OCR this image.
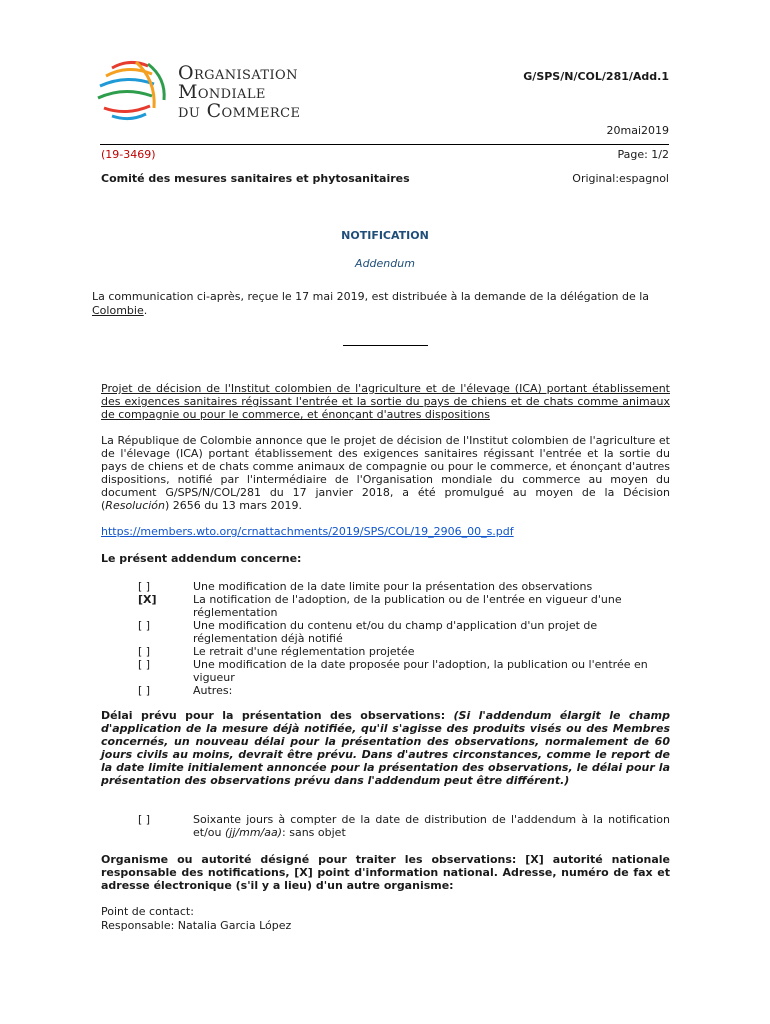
Organisation
Mondiale
du Commerce
G/SPS/N/COL/281/Add.1
20mai2019
(19-3469)	Page: 1/2
Comité des mesures sanitaires et phytosanitaires	Original:espagnol
NOTIFICATION
Addendum
La communication ci-après, reçue le 17 mai 2019, est distribuée à la demande de la délégation de la Colombie.
Projet de décision de l'Institut colombien de l'agriculture et de l'élevage (ICA) portant établissement des exigences sanitaires régissant l'entrée et la sortie du pays de chiens et de chats comme animaux de compagnie ou pour le commerce, et énonçant d'autres dispositions
La République de Colombie annonce que le projet de décision de l'Institut colombien de l'agriculture et de l'élevage (ICA) portant établissement des exigences sanitaires régissant l'entrée et la sortie du pays de chiens et de chats comme animaux de compagnie ou pour le commerce, et énonçant d'autres dispositions, notifié par l'intermédiaire de l'Organisation mondiale du commerce au moyen du document G/SPS/N/COL/281 du 17 janvier 2018, a été promulgué au moyen de la Décision (Resolución) 2656 du 13 mars 2019.
https://members.wto.org/crnattachments/2019/SPS/COL/19_2906_00_s.pdf
Le présent addendum concerne:
[ ]	Une modification de la date limite pour la présentation des observations
[X]	La notification de l'adoption, de la publication ou de l'entrée en vigueur d'une réglementation
[ ]	Une modification du contenu et/ou du champ d'application d'un projet de réglementation déjà notifié
[ ]	Le retrait d'une réglementation projetée
[ ]	Une modification de la date proposée pour l'adoption, la publication ou l'entrée en vigueur
[ ]	Autres:
Délai prévu pour la présentation des observations: (Si l'addendum élargit le champ d'application de la mesure déjà notifiée, qu'il s'agisse des produits visés ou des Membres concernés, un nouveau délai pour la présentation des observations, normalement de 60 jours civils au moins, devrait être prévu. Dans d'autres circonstances, comme le report de la date limite initialement annoncée pour la présentation des observations, le délai pour la présentation des observations prévu dans l'addendum peut être différent.)
[ ]	Soixante jours à compter de la date de distribution de l'addendum à la notification et/ou (jj/mm/aa): sans objet
Organisme ou autorité désigné pour traiter les observations: [X] autorité nationale responsable des notifications, [X] point d'information national. Adresse, numéro de fax et adresse électronique (s'il y a lieu) d'un autre organisme:
Point de contact:
Responsable: Natalia Garcia López
